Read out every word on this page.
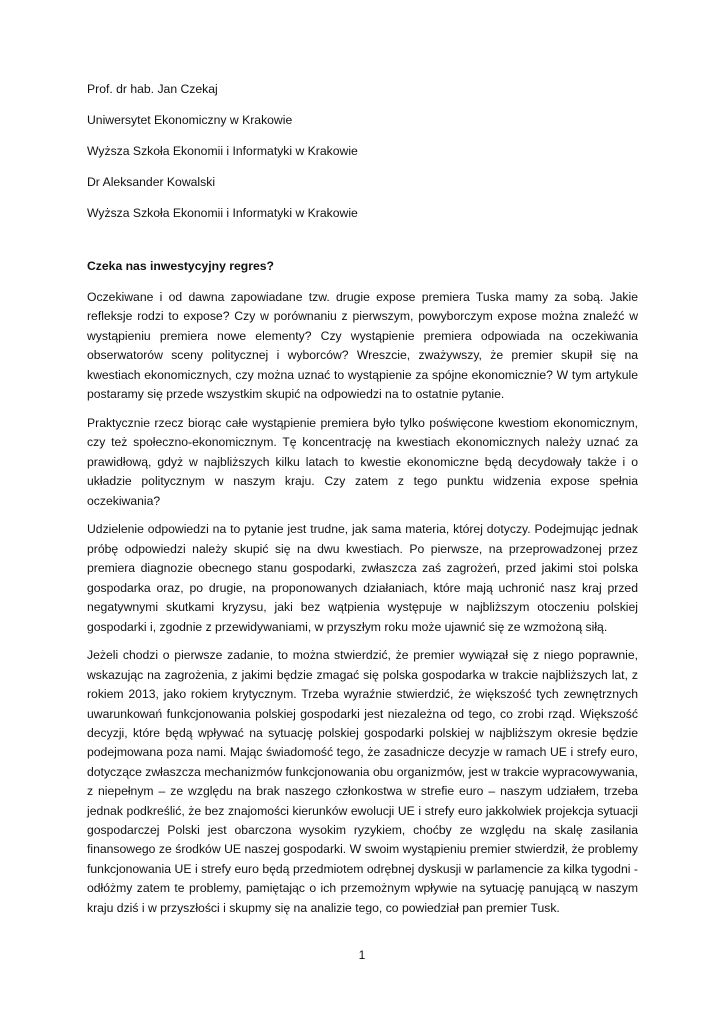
Prof. dr hab. Jan Czekaj

Uniwersytet Ekonomiczny w Krakowie

Wyższa Szkoła Ekonomii i Informatyki w Krakowie

Dr Aleksander Kowalski

Wyższa Szkoła Ekonomii i Informatyki w Krakowie

Czeka nas inwestycyjny regres?

Oczekiwane i od dawna zapowiadane tzw. drugie expose premiera Tuska mamy za sobą. Jakie refleksje rodzi to expose? Czy w porównaniu z pierwszym, powyborczym expose można znaleźć w wystąpieniu premiera nowe elementy? Czy wystąpienie premiera odpowiada na oczekiwania obserwatorów sceny politycznej i wyborców? Wreszcie, zważywszy, że premier skupił się na kwestiach ekonomicznych, czy można uznać to wystąpienie za spójne ekonomicznie? W tym artykule postaramy się przede wszystkim skupić na odpowiedzi na to ostatnie pytanie.

Praktycznie rzecz biorąc całe wystąpienie premiera było tylko poświęcone kwestiom ekonomicznym, czy też społeczno-ekonomicznym. Tę koncentrację na kwestiach ekonomicznych należy uznać za prawidłową, gdyż w najbliższych kilku latach to kwestie ekonomiczne będą decydowały także i o układzie politycznym w naszym kraju. Czy zatem z tego punktu widzenia expose spełnia oczekiwania?

Udzielenie odpowiedzi na to pytanie jest trudne, jak sama materia, której dotyczy. Podejmując jednak próbę odpowiedzi należy skupić się na dwu kwestiach. Po pierwsze, na przeprowadzonej przez premiera diagnozie obecnego stanu gospodarki, zwłaszcza zaś zagrożeń, przed jakimi stoi polska gospodarka oraz, po drugie, na proponowanych działaniach, które mają uchronić nasz kraj przed negatywnymi skutkami kryzysu, jaki bez wątpienia występuje w najbliższym otoczeniu polskiej gospodarki i, zgodnie z przewidywaniami, w przyszłym roku może ujawnić się ze wzmożoną siłą.

Jeżeli chodzi o pierwsze zadanie, to można stwierdzić, że premier wywiązał się z niego poprawnie, wskazując na zagrożenia, z jakimi będzie zmagać się polska gospodarka w trakcie najbliższych lat, z rokiem 2013, jako rokiem krytycznym. Trzeba wyraźnie stwierdzić, że większość tych zewnętrznych uwarunkowań funkcjonowania polskiej gospodarki jest niezależna od tego, co zrobi rząd. Większość decyzji, które będą wpływać na sytuację polskiej gospodarki polskiej w najbliższym okresie będzie podejmowana poza nami. Mając świadomość tego, że zasadnicze decyzje w ramach UE i strefy euro, dotyczące zwłaszcza mechanizmów funkcjonowania obu organizmów, jest w trakcie wypracowywania, z niepełnym – ze względu na brak naszego członkostwa w strefie euro – naszym udziałem, trzeba jednak podkreślić, że bez znajomości kierunków ewolucji UE i strefy euro jakkolwiek projekcja sytuacji gospodarczej Polski jest obarczona wysokim ryzykiem, choćby ze względu na skalę zasilania finansowego ze środków UE naszej gospodarki. W swoim wystąpieniu premier stwierdził, że problemy funkcjonowania UE i strefy euro będą przedmiotem odrębnej dyskusji w parlamencie za kilka tygodni - odłóżmy zatem te problemy, pamiętając o ich przemożnym wpływie na sytuację panującą w naszym kraju dziś i w przyszłości i skupmy się na analizie tego, co powiedział pan premier Tusk.

1
